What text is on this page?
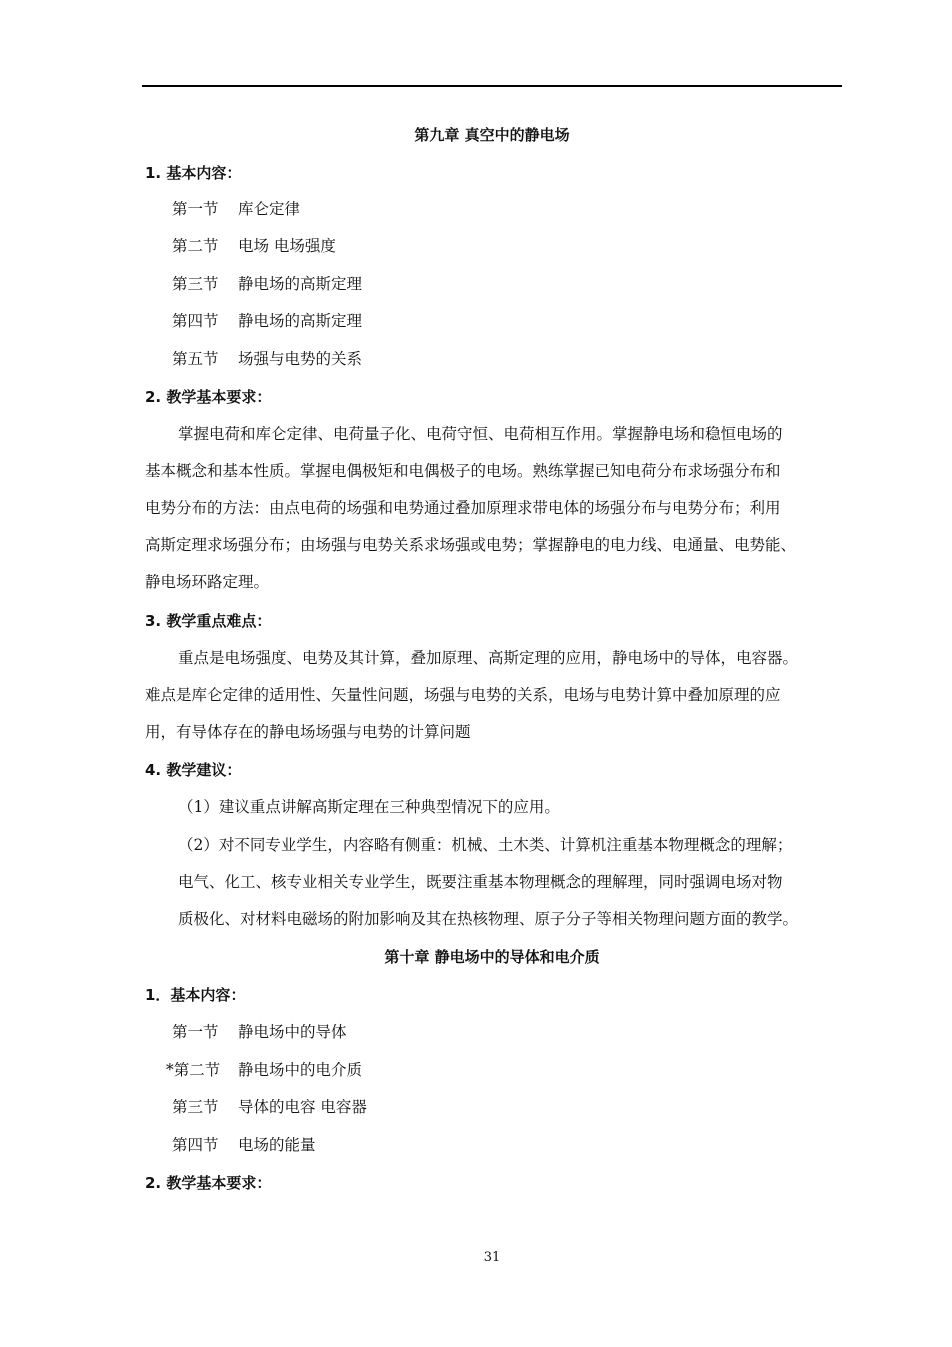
第九章 真空中的静电场
1. 基本内容：
第一节 库仑定律
第二节 电场 电场强度
第三节 静电场的高斯定理
第四节 静电场的高斯定理
第五节 场强与电势的关系
2. 教学基本要求：
掌握电荷和库仑定律、电荷量子化、电荷守恒、电荷相互作用。掌握静电场和稳恒电场的
基本概念和基本性质。掌握电偶极矩和电偶极子的电场。熟练掌握已知电荷分布求场强分布和
电势分布的方法：由点电荷的场强和电势通过叠加原理求带电体的场强分布与电势分布；利用
高斯定理求场强分布；由场强与电势关系求场强或电势；掌握静电的电力线、电通量、电势能、
静电场环路定理。
3. 教学重点难点：
重点是电场强度、电势及其计算，叠加原理、高斯定理的应用，静电场中的导体，电容器。
难点是库仑定律的适用性、矢量性问题，场强与电势的关系，电场与电势计算中叠加原理的应
用，有导体存在的静电场场强与电势的计算问题
4. 教学建议：
（1）建议重点讲解高斯定理在三种典型情况下的应用。
（2）对不同专业学生，内容略有侧重：机械、土木类、计算机注重基本物理概念的理解；
电气、化工、核专业相关专业学生，既要注重基本物理概念的理解理，同时强调电场对物
质极化、对材料电磁场的附加影响及其在热核物理、原子分子等相关物理问题方面的教学。
第十章 静电场中的导体和电介质
1．基本内容：
第一节 静电场中的导体
*第二节 静电场中的电介质
第三节 导体的电容 电容器
第四节 电场的能量
2. 教学基本要求：
31
